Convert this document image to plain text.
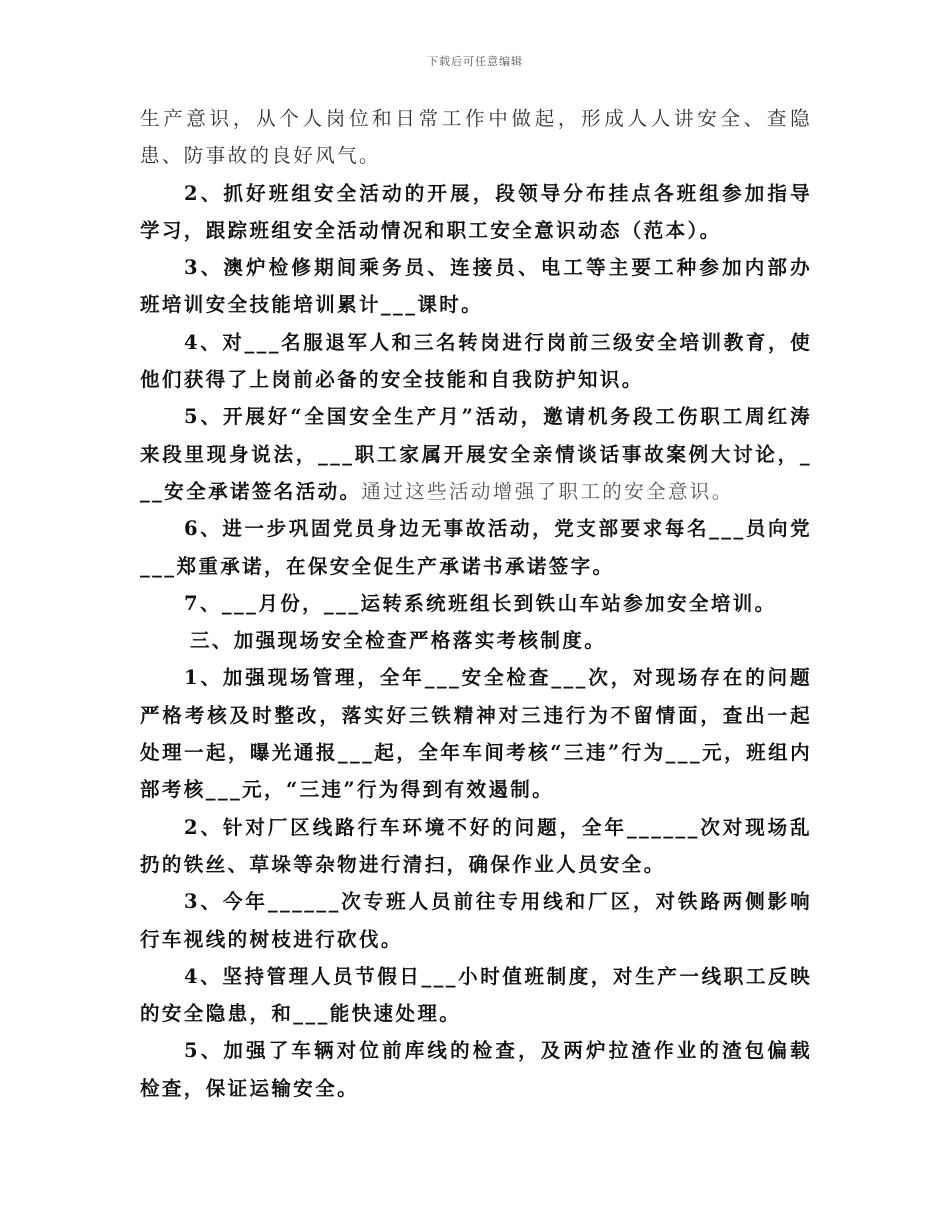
下载后可任意编辑

生产意识，从个人岗位和日常工作中做起，形成人人讲安全、查隐患、防事故的良好风气。

2、抓好班组安全活动的开展，段领导分布挂点各班组参加指导学习，跟踪班组安全活动情况和职工安全意识动态（范本）。

3、澳炉检修期间乘务员、连接员、电工等主要工种参加内部办班培训安全技能培训累计___课时。

4、对___名服退军人和三名转岗进行岗前三级安全培训教育，使他们获得了上岗前必备的安全技能和自我防护知识。

5、开展好“全国安全生产月”活动，邀请机务段工伤职工周红涛来段里现身说法，___职工家属开展安全亲情谈话事故案例大讨论，___安全承诺签名活动。通过这些活动增强了职工的安全意识。

6、进一步巩固党员身边无事故活动，党支部要求每名___员向党___郑重承诺，在保安全促生产承诺书承诺签字。

7、___月份，___运转系统班组长到铁山车站参加安全培训。

三、加强现场安全检查严格落实考核制度。

1、加强现场管理，全年___安全检查___次，对现场存在的问题严格考核及时整改，落实好三铁精神对三违行为不留情面，查出一起处理一起，曝光通报___起，全年车间考核“三违”行为___元，班组内部考核___元，“三违”行为得到有效遏制。

2、针对厂区线路行车环境不好的问题，全年______次对现场乱扔的铁丝、草垛等杂物进行清扫，确保作业人员安全。

3、今年______次专班人员前往专用线和厂区，对铁路两侧影响行车视线的树枝进行砍伐。

4、坚持管理人员节假日___小时值班制度，对生产一线职工反映的安全隐患，和___能快速处理。

5、加强了车辆对位前库线的检查，及两炉拉渣作业的渣包偏载检查，保证运输安全。
